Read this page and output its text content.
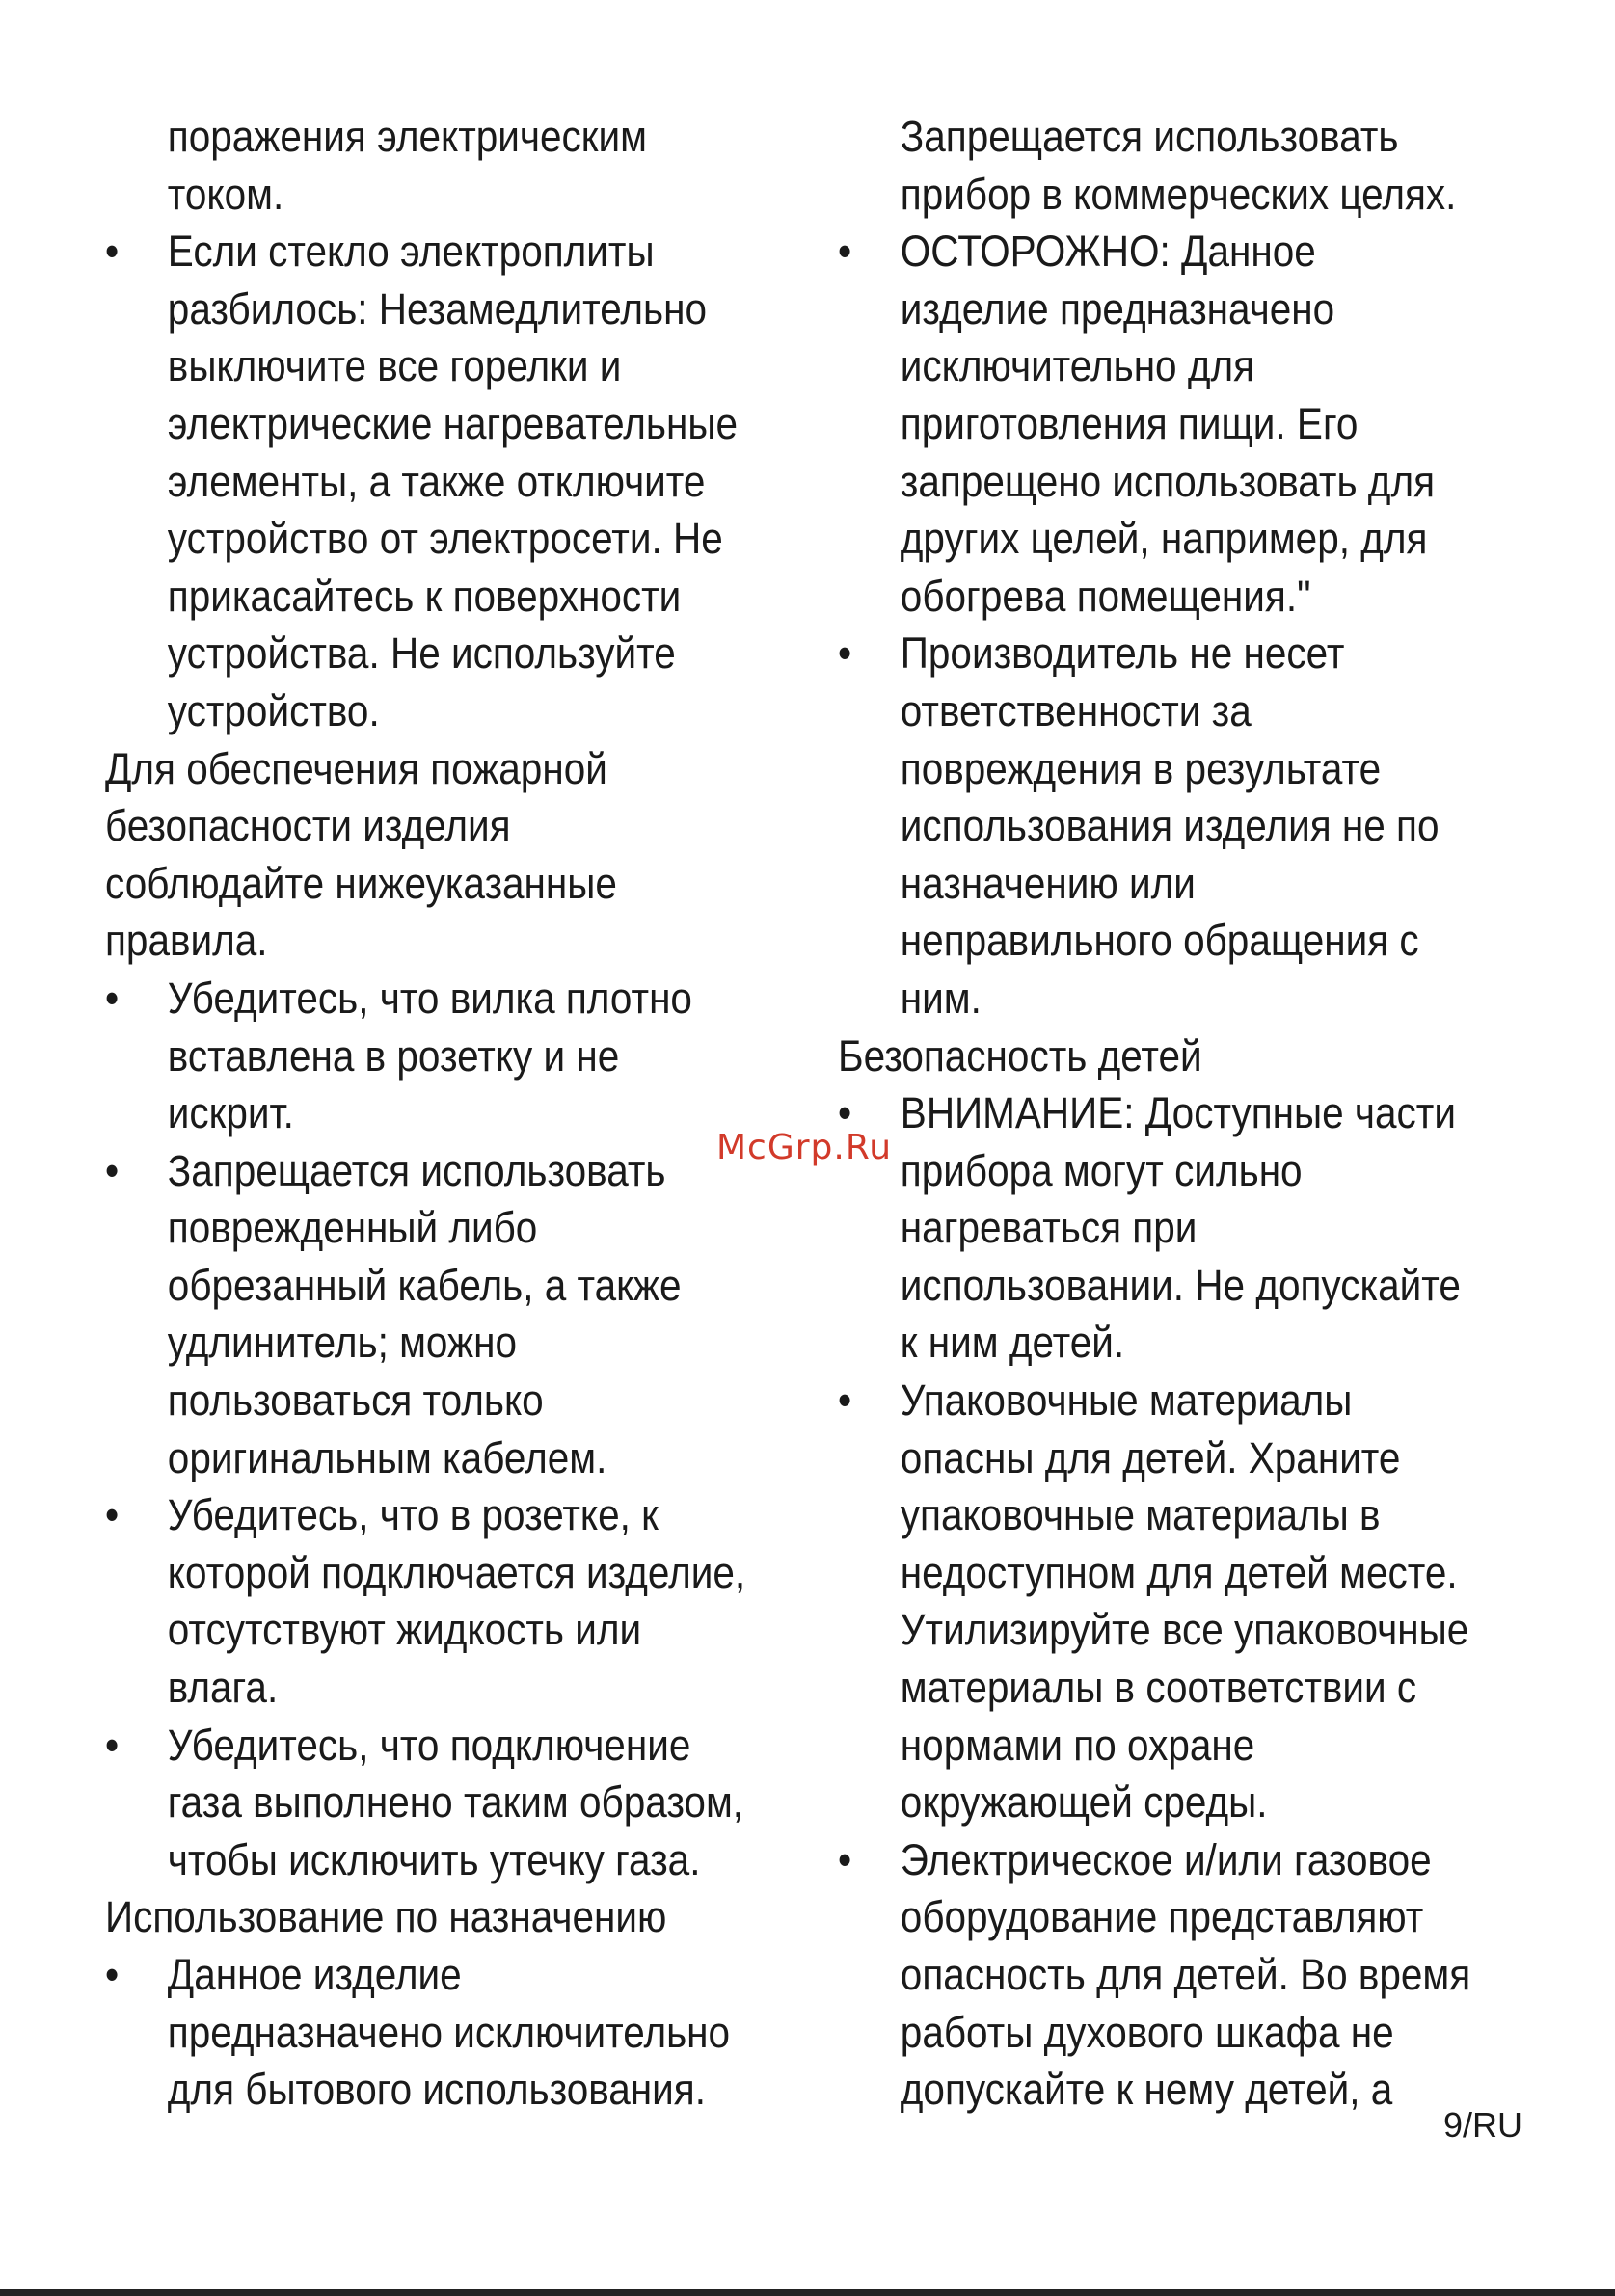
поражения электрическим
током.
• Если стекло электроплиты
разбилось: Незамедлительно
выключите все горелки и
электрические нагревательные
элементы, а также отключите
устройство от электросети. Не
прикасайтесь к поверхности
устройства. Не используйте
устройство.
Для обеспечения пожарной
безопасности изделия
соблюдайте нижеуказанные
правила.
• Убедитесь, что вилка плотно
вставлена в розетку и не
искрит.
• Запрещается использовать
поврежденный либо
обрезанный кабель, а также
удлинитель; можно
пользоваться только
оригинальным кабелем.
• Убедитесь, что в розетке, к
которой подключается изделие,
отсутствуют жидкость или
влага.
• Убедитесь, что подключение
газа выполнено таким образом,
чтобы исключить утечку газа.
Использование по назначению
• Данное изделие
предназначено исключительно
для бытового использования.
Запрещается использовать
прибор в коммерческих целях.
• ОСТОРОЖНО: Данное
изделие предназначено
исключительно для
приготовления пищи. Его
запрещено использовать для
других целей, например, для
обогрева помещения."
• Производитель не несет
ответственности за
повреждения в результате
использования изделия не по
назначению или
неправильного обращения с
ним.
Безопасность детей
• ВНИМАНИЕ: Доступные части
прибора могут сильно
нагреваться при
использовании. Не допускайте
к ним детей.
• Упаковочные материалы
опасны для детей. Храните
упаковочные материалы в
недоступном для детей месте.
Утилизируйте все упаковочные
материалы в соответствии с
нормами по охране
окружающей среды.
• Электрическое и/или газовое
оборудование представляют
опасность для детей. Во время
работы духового шкафа не
допускайте к нему детей, а
McGrp.Ru
9/RU
